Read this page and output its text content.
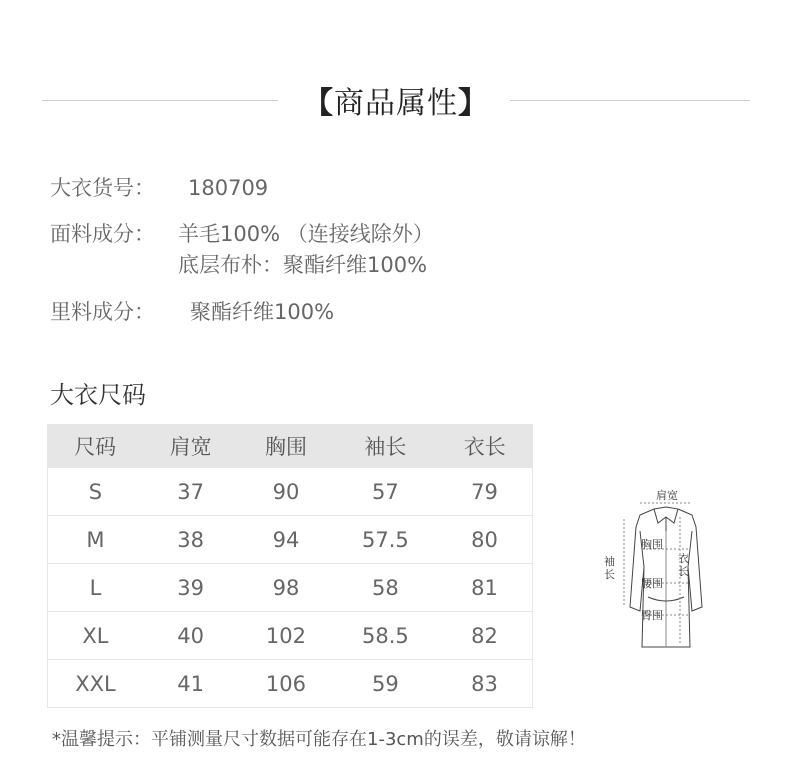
【商品属性】
大衣货号： 180709
面料成分： 羊毛100% （连接线除外）
底层布朴：聚酯纤维100%
里料成分： 聚酯纤维100%
大衣尺码
尺码	肩宽	胸围	袖长	衣长
S	37	90	57	79
M	38	94	57.5	80
L	39	98	58	81
XL	40	102	58.5	82
XXL	41	106	59	83
肩宽
胸围
腰围
臀围
袖
长
衣
长
*温馨提示：平铺测量尺寸数据可能存在1-3cm的误差，敬请谅解！
